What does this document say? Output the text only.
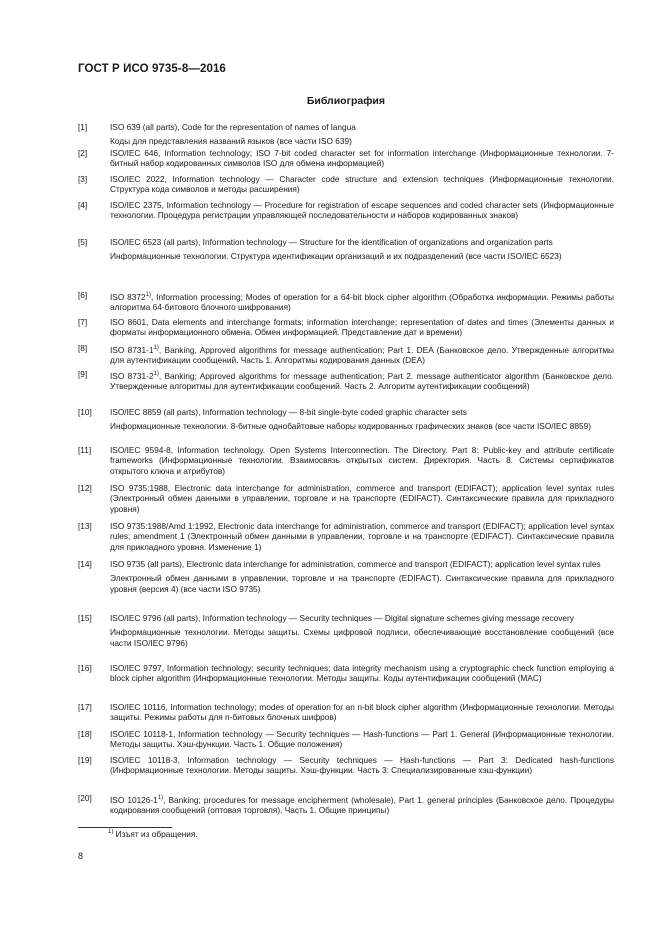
ГОСТ Р ИСО 9735-8—2016
Библиография
[1]	ISO 639 (all parts), Code for the representation of names of langua

Коды для представления названий языков (все части ISO 639)

[2]	ISO/IEC 646, Information technology; ISO 7-bit coded character set for information interchange (Информационные технологии. 7-битный набор кодированных символов ISO для обмена информацией)

[3]	ISO/IEC 2022, Information technology — Character code structure and extension techniques (Информационные технологии. Структура кода символов и методы расширения)

[4]	ISO/IEC 2375, Information technology — Procedure for registration of escape sequences and coded character sets (Информационные технологии. Процедура регистрации управляющей последовательности и наборов кодированных знаков)

[5]	ISO/IEC 6523 (all parts), Information technology — Structure for the identification of organizations and organization parts

Информационные технологии. Структура идентификации организаций и их подразделений (все части ISO/IEC 6523)

[6]	ISO 8372$^{1)}$, Information processing; Modes of operation for a 64-bit block cipher algorithm (Обработка информации. Режимы работы алгоритма 64-битового блочного шифрования)

[7]	ISO 8601, Data elements and interchange formats; information interchange; representation of dates and times (Элементы данных и форматы информационного обмена. Обмен информацией. Представление дат и времени)

[8]	ISO 8731-1$^{1)}$, Banking, Approved algorithms for message authentication; Part 1. DEA (Банковское дело. Утвержденные алгоритмы для аутентификации сообщений. Часть 1. Алгоритмы кодирования данных (DEA)

[9]	ISO 8731-2$^{1)}$, Banking; Approved algorithms for message authentication; Part 2. message authenticator algorithm (Банковское дело. Утвержденные алгоритмы для аутентификации сообщений. Часть 2. Алгоритм аутентификации сообщений)

[10]	ISO/IEC 8859 (all parts), Information technology — 8-bit single-byte coded graphic character sets

Информационные технологии. 8-битные однобайтовые наборы кодированных графических знаков (все части ISO/IEC 8859)

[11]	ISO/IEC 9594-8, Information technology. Open Systems Interconnection. The Directory. Part 8: Public-key and attribute certificate frameworks (Информационные технологии. Взаимосвязь открытых систем. Директория. Часть 8. Системы сертификатов открытого ключа и атрибутов)

[12]	ISO 9735:1988, Electronic data interchange for administration, commerce and transport (EDIFACT); application level syntax rules (Электронный обмен данными в управлении, торговле и на транспорте (EDIFACT). Синтаксические правила для прикладного уровня)

[13]	ISO 9735:1988/Amd 1:1992, Electronic data interchange for administration, commerce and transport (EDIFACT); application level syntax rules; amendment 1 (Электронный обмен данными в управлении, торговле и на транспорте (EDIFACT). Синтаксические правила для прикладного уровня. Изменение 1)

[14]	ISO 9735 (all parts), Electronic data interchange for administration, commerce and transport (EDIFACT); application level syntax rules

Электронный обмен данными в управлении, торговле и на транспорте (EDIFACT). Синтаксические правила для прикладного уровня (версия 4) (все части ISO 9735)

[15]	ISO/IEC 9796 (all parts), Information technology — Security techniques — Digital signature schemes giving message recovery

Информационные технологии. Методы защиты. Схемы цифровой подписи, обеспечивающие восстановление сообщений (все части ISO/IEC 9796)

[16]	ISO/IEC 9797, Information technology; security techniques; data integrity mechanism using a cryptographic check function employing a block cipher algorithm (Информационные технологии. Методы защиты. Коды аутентификации сообщений (MAC)

[17]	ISO/IEC 10116, Information technology; modes of operation for an n-bit block cipher algorithm (Информационные технологии. Методы защиты. Режимы работы для n-битовых блочных шифров)

[18]	ISO/IEC 10118-1, Information technology — Security techniques — Hash-functions — Part 1. General (Информационные технологии. Методы защиты. Хэш-функции. Часть 1. Общие положения)

[19]	ISO/IEC 10118-3, Information technology — Security techniques — Hash-functions — Part 3: Dedicated hash-functions (Информационные технологии. Методы защиты. Хэш-функции. Часть 3: Специализированные хэш-функции)

[20]	ISO 10126-1$^{1)}$, Banking; procedures for message encipherment (wholesale), Part 1. general principles (Банковское дело. Процедуры кодирования сообщений (оптовая торговля). Часть 1. Общие принципы)

$^{1)}$ Изъят из обращения.
8
